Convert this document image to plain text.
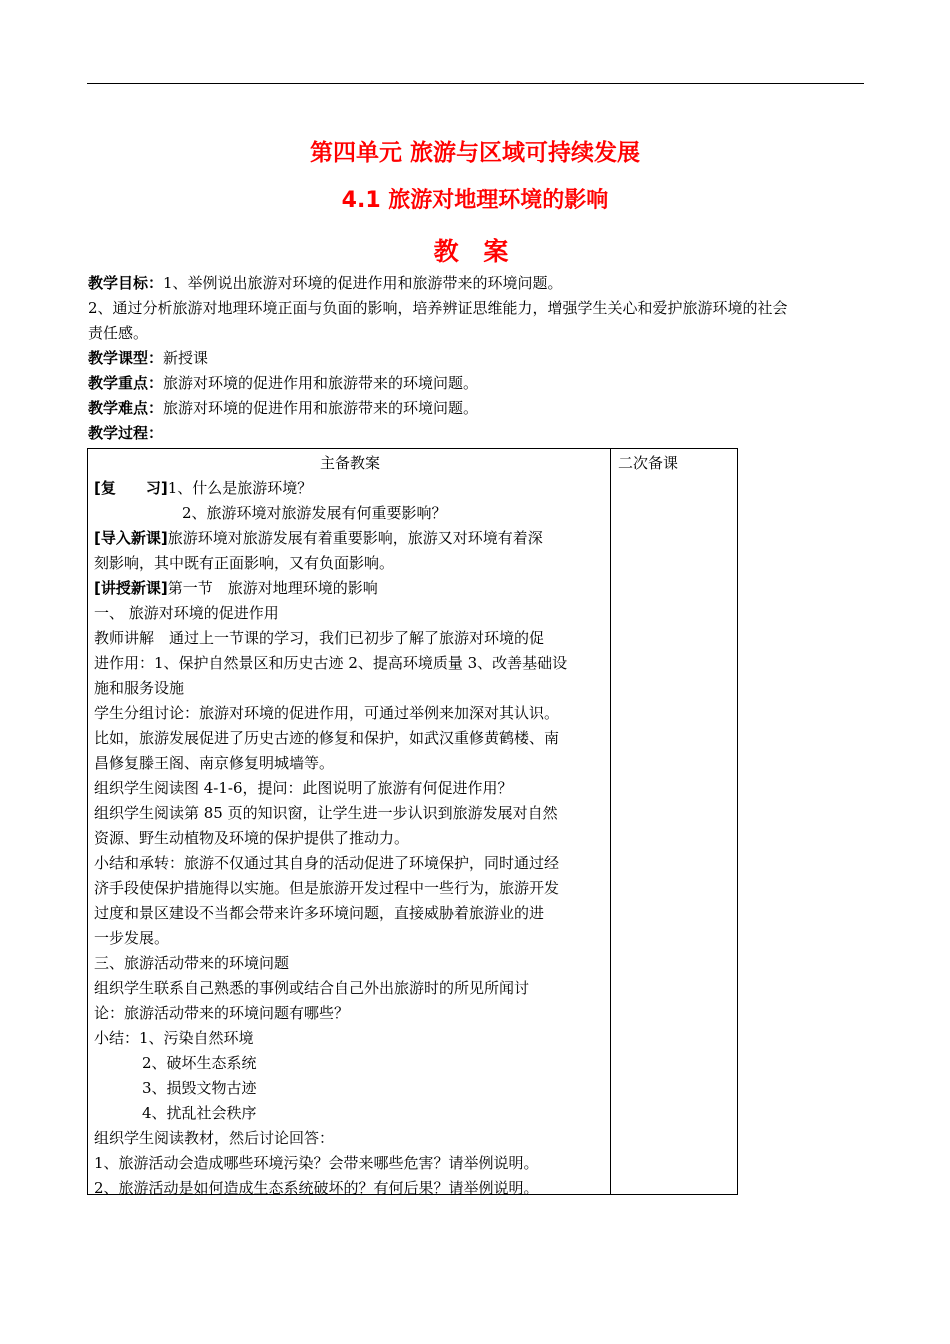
第四单元 旅游与区域可持续发展
4.1 旅游对地理环境的影响
教 案
教学目标：1、举例说出旅游对环境的促进作用和旅游带来的环境问题。
2、通过分析旅游对地理环境正面与负面的影响，培养辨证思维能力，增强学生关心和爱护旅游环境的社会
责任感。
教学课型：新授课
教学重点：旅游对环境的促进作用和旅游带来的环境问题。
教学难点：旅游对环境的促进作用和旅游带来的环境问题。
教学过程：
主备教案
[复　　习]1、什么是旅游环境？
2、旅游环境对旅游发展有何重要影响？
[导入新课]旅游环境对旅游发展有着重要影响，旅游又对环境有着深
刻影响，其中既有正面影响，又有负面影响。
[讲授新课]第一节　旅游对地理环境的影响
一、 旅游对环境的促进作用
教师讲解　通过上一节课的学习，我们已初步了解了旅游对环境的促
进作用：1、保护自然景区和历史古迹 2、提高环境质量 3、改善基础设
施和服务设施
学生分组讨论：旅游对环境的促进作用，可通过举例来加深对其认识。
比如，旅游发展促进了历史古迹的修复和保护，如武汉重修黄鹤楼、南
昌修复滕王阁、南京修复明城墙等。
组织学生阅读图 4-1-6，提问：此图说明了旅游有何促进作用？
组织学生阅读第 85 页的知识窗，让学生进一步认识到旅游发展对自然
资源、野生动植物及环境的保护提供了推动力。
小结和承转：旅游不仅通过其自身的活动促进了环境保护，同时通过经
济手段使保护措施得以实施。但是旅游开发过程中一些行为，旅游开发
过度和景区建设不当都会带来许多环境问题，直接威胁着旅游业的进
一步发展。
三、旅游活动带来的环境问题
组织学生联系自己熟悉的事例或结合自己外出旅游时的所见所闻讨
论：旅游活动带来的环境问题有哪些？
小结：1、污染自然环境
2、破坏生态系统
3、损毁文物古迹
4、扰乱社会秩序
组织学生阅读教材，然后讨论回答：
1、旅游活动会造成哪些环境污染？会带来哪些危害？请举例说明。
2、旅游活动是如何造成生态系统破坏的？有何后果？请举例说明。
二次备课
